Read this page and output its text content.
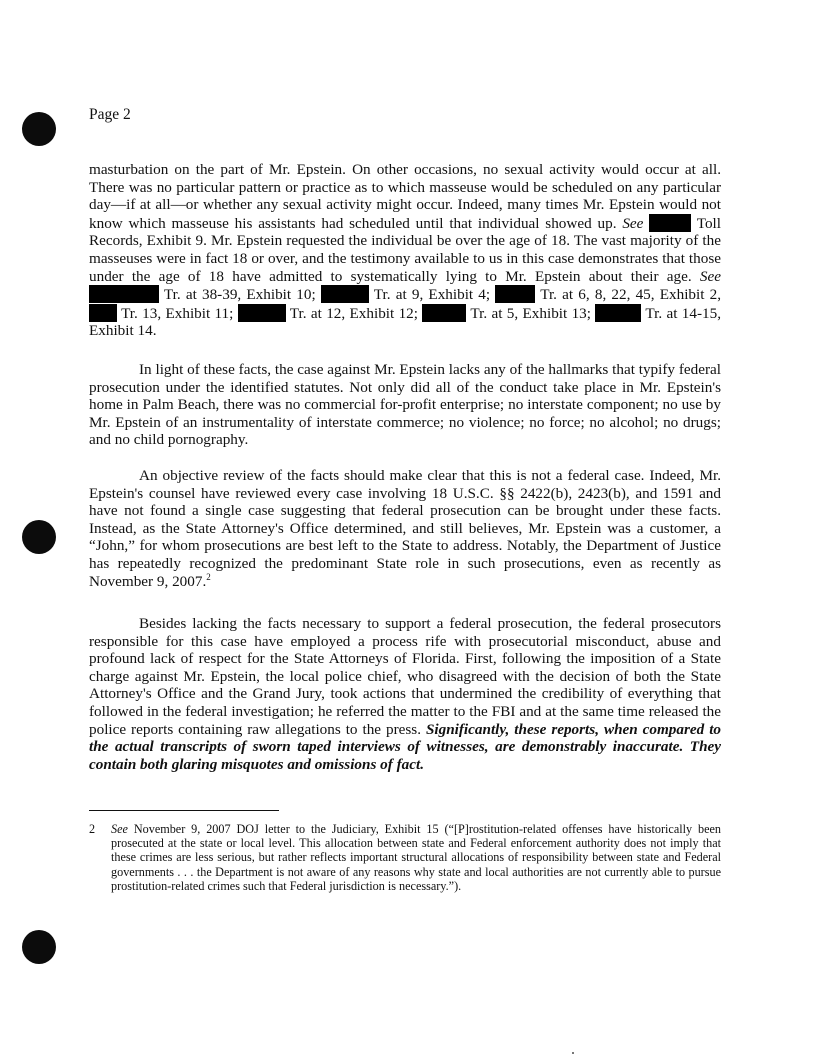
Page 2
masturbation on the part of Mr. Epstein. On other occasions, no sexual activity would occur at all. There was no particular pattern or practice as to which masseuse would be scheduled on any particular day—if at all—or whether any sexual activity might occur. Indeed, many times Mr. Epstein would not know which masseuse his assistants had scheduled until that individual showed up. See	Toll Records, Exhibit 9. Mr. Epstein requested the individual be over the age of 18. The vast majority of the masseuses were in fact 18 or over, and the testimony available to us in this case demonstrates that those under the age of 18 have admitted to systematically lying to Mr. Epstein about their age. See  Tr. at 38-39, Exhibit 10;	Tr. at 9, Exhibit 4;	Tr. at 6, 8, 22, 45, Exhibit 2,  Tr. 13, Exhibit 11;	Tr. at 12, Exhibit 12;	Tr. at 5, Exhibit 13;	Tr. at 14-15, Exhibit 14.
In light of these facts, the case against Mr. Epstein lacks any of the hallmarks that typify federal prosecution under the identified statutes. Not only did all of the conduct take place in Mr. Epstein's home in Palm Beach, there was no commercial for-profit enterprise; no interstate component; no use by Mr. Epstein of an instrumentality of interstate commerce; no violence; no force; no alcohol; no drugs; and no child pornography.
An objective review of the facts should make clear that this is not a federal case. Indeed, Mr. Epstein's counsel have reviewed every case involving 18 U.S.C. §§ 2422(b), 2423(b), and 1591 and have not found a single case suggesting that federal prosecution can be brought under these facts. Instead, as the State Attorney's Office determined, and still believes, Mr. Epstein was a customer, a “John,” for whom prosecutions are best left to the State to address. Notably, the Department of Justice has repeatedly recognized the predominant State role in such prosecutions, even as recently as November 9, 2007.$^2$
Besides lacking the facts necessary to support a federal prosecution, the federal prosecutors responsible for this case have employed a process rife with prosecutorial misconduct, abuse and profound lack of respect for the State Attorneys of Florida. First, following the imposition of a State charge against Mr. Epstein, the local police chief, who disagreed with the decision of both the State Attorney's Office and the Grand Jury, took actions that undermined the credibility of everything that followed in the federal investigation; he referred the matter to the FBI and at the same time released the police reports containing raw allegations to the press. Significantly, these reports, when compared to the actual transcripts of sworn taped interviews of witnesses, are demonstrably inaccurate. They contain both glaring misquotes and omissions of fact.
2 See November 9, 2007 DOJ letter to the Judiciary, Exhibit 15 (“[P]rostitution-related offenses have historically been prosecuted at the state or local level. This allocation between state and Federal enforcement authority does not imply that these crimes are less serious, but rather reflects important structural allocations of responsibility between state and Federal governments . . . the Department is not aware of any reasons why state and local authorities are not currently able to pursue prostitution-related crimes such that Federal jurisdiction is necessary.”).
